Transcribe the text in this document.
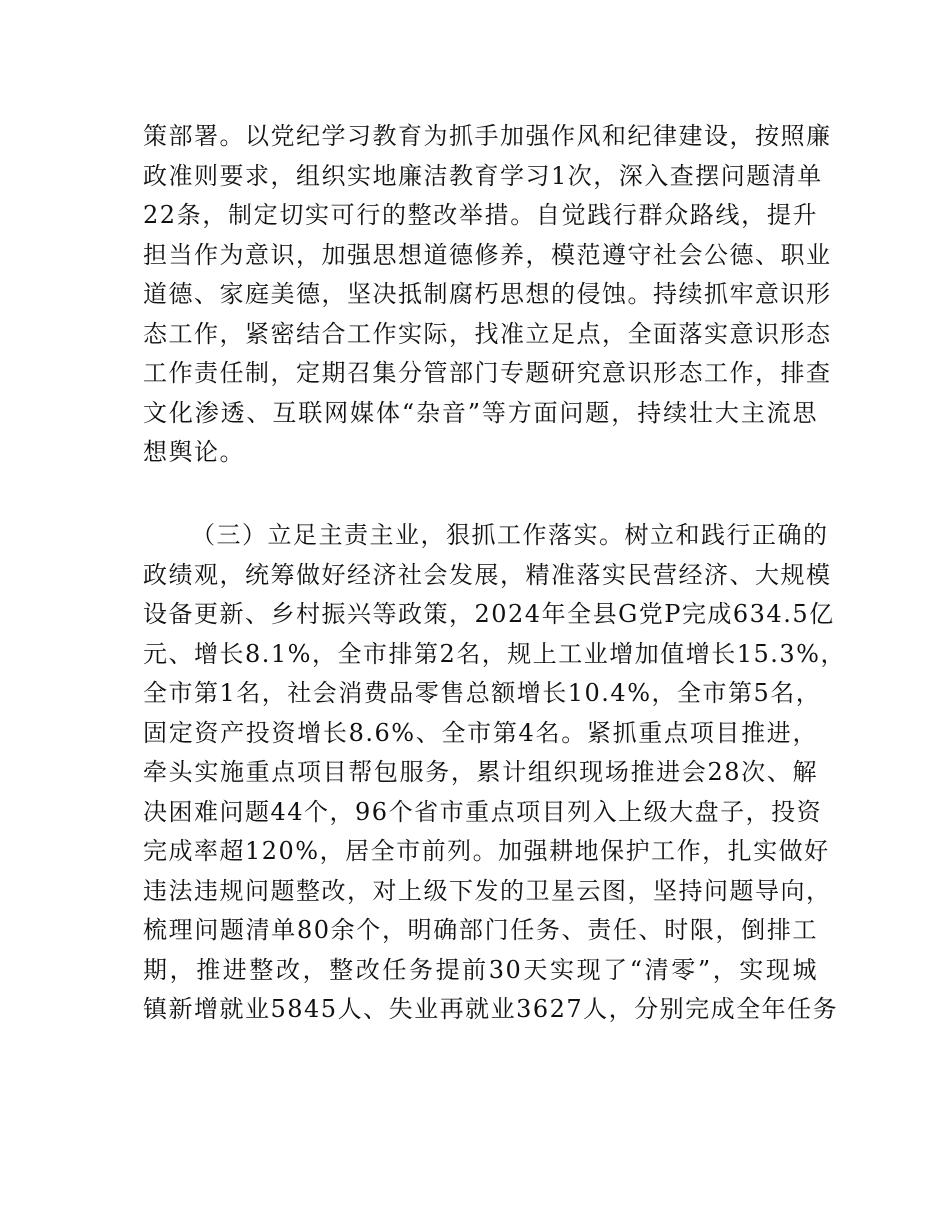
策部署。以党纪学习教育为抓手加强作风和纪律建设，按照廉
政准则要求，组织实地廉洁教育学习1次，深入查摆问题清单
22条，制定切实可行的整改举措。自觉践行群众路线，提升
担当作为意识，加强思想道德修养，模范遵守社会公德、职业
道德、家庭美德，坚决抵制腐朽思想的侵蚀。持续抓牢意识形
态工作，紧密结合工作实际，找准立足点，全面落实意识形态
工作责任制，定期召集分管部门专题研究意识形态工作，排查
文化渗透、互联网媒体“杂音”等方面问题，持续壮大主流思
想舆论。
（三）立足主责主业，狠抓工作落实。树立和践行正确的
政绩观，统筹做好经济社会发展，精准落实民营经济、大规模
设备更新、乡村振兴等政策，2024年全县G党P完成634.5亿
元、增长8.1%，全市排第2名，规上工业增加值增长15.3%，
全市第1名，社会消费品零售总额增长10.4%，全市第5名，
固定资产投资增长8.6%、全市第4名。紧抓重点项目推进，
牵头实施重点项目帮包服务，累计组织现场推进会28次、解
决困难问题44个，96个省市重点项目列入上级大盘子，投资
完成率超120%，居全市前列。加强耕地保护工作，扎实做好
违法违规问题整改，对上级下发的卫星云图，坚持问题导向，
梳理问题清单80余个，明确部门任务、责任、时限，倒排工
期，推进整改，整改任务提前30天实现了“清零”，实现城
镇新增就业5845人、失业再就业3627人，分别完成全年任务
